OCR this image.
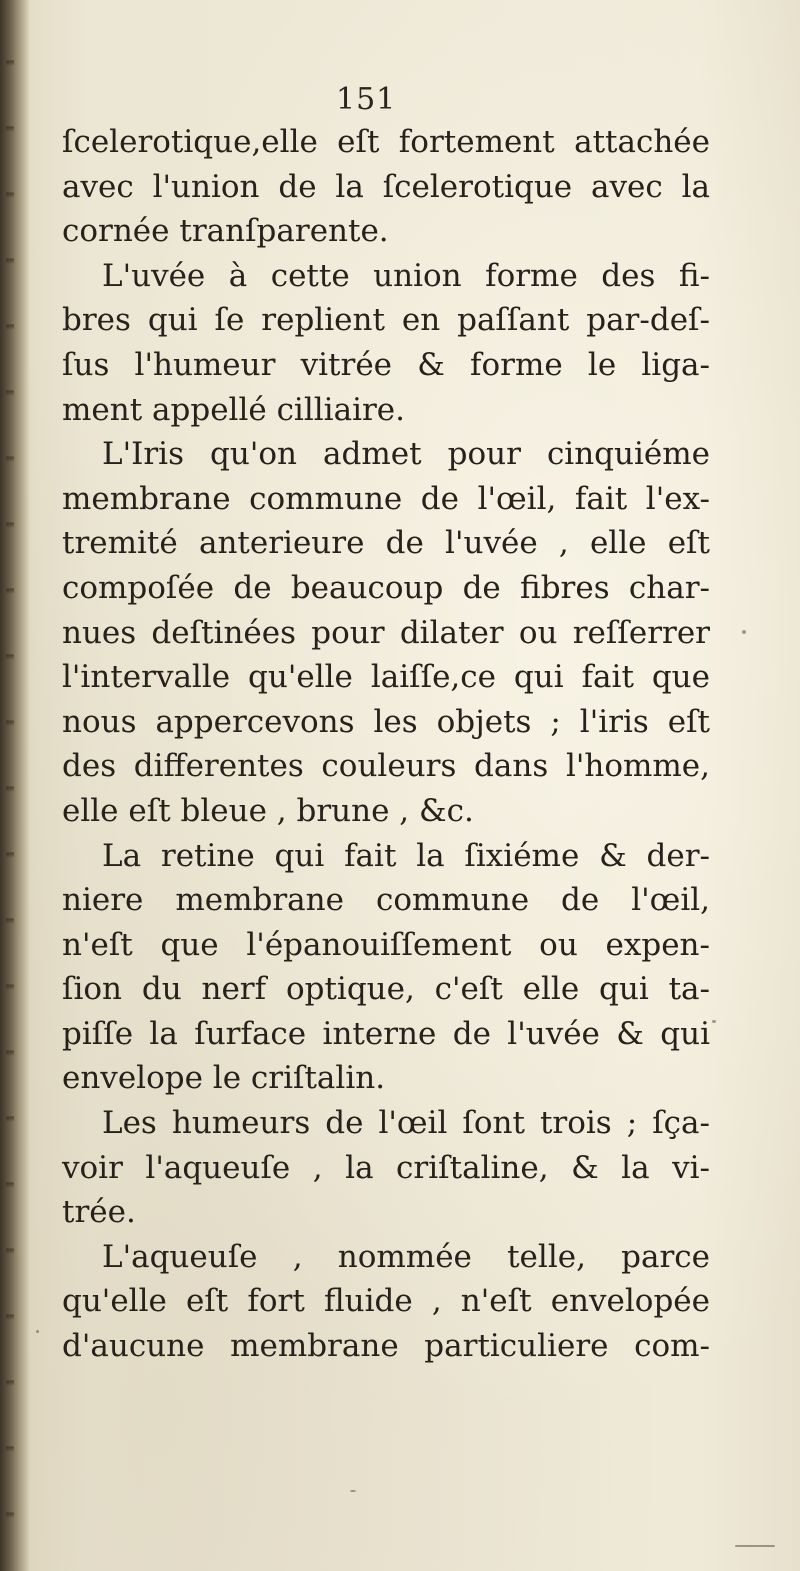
151
ſcelerotique,elle eſt fortement attachée
avec l'union de la ſcelerotique avec la
cornée tranſparente.
L'uvée à cette union forme des fi-
bres qui ſe replient en paſſant par-deſ-
ſus l'humeur vitrée & forme le liga-
ment appellé cilliaire.
L'Iris qu'on admet pour cinquiéme
membrane commune de l'œil, fait l'ex-
tremité anterieure de l'uvée , elle eſt
compoſée de beaucoup de fibres char-
nues deſtinées pour dilater ou reſſerrer
l'intervalle qu'elle laiſſe,ce qui fait que
nous appercevons les objets ; l'iris eſt
des differentes couleurs dans l'homme,
elle eſt bleue , brune , &c.
La retine qui fait la ſixiéme & der-
niere membrane commune de l'œil,
n'eſt que l'épanouiſſement ou expen-
ſion du nerf optique, c'eſt elle qui ta-
piſſe la ſurface interne de l'uvée & qui
envelope le criſtalin.
Les humeurs de l'œil ſont trois ; ſça-
voir l'aqueuſe , la criſtaline, & la vi-
trée.
L'aqueuſe , nommée telle, parce
qu'elle eſt fort fluide , n'eſt envelopée
d'aucune membrane particuliere com-
